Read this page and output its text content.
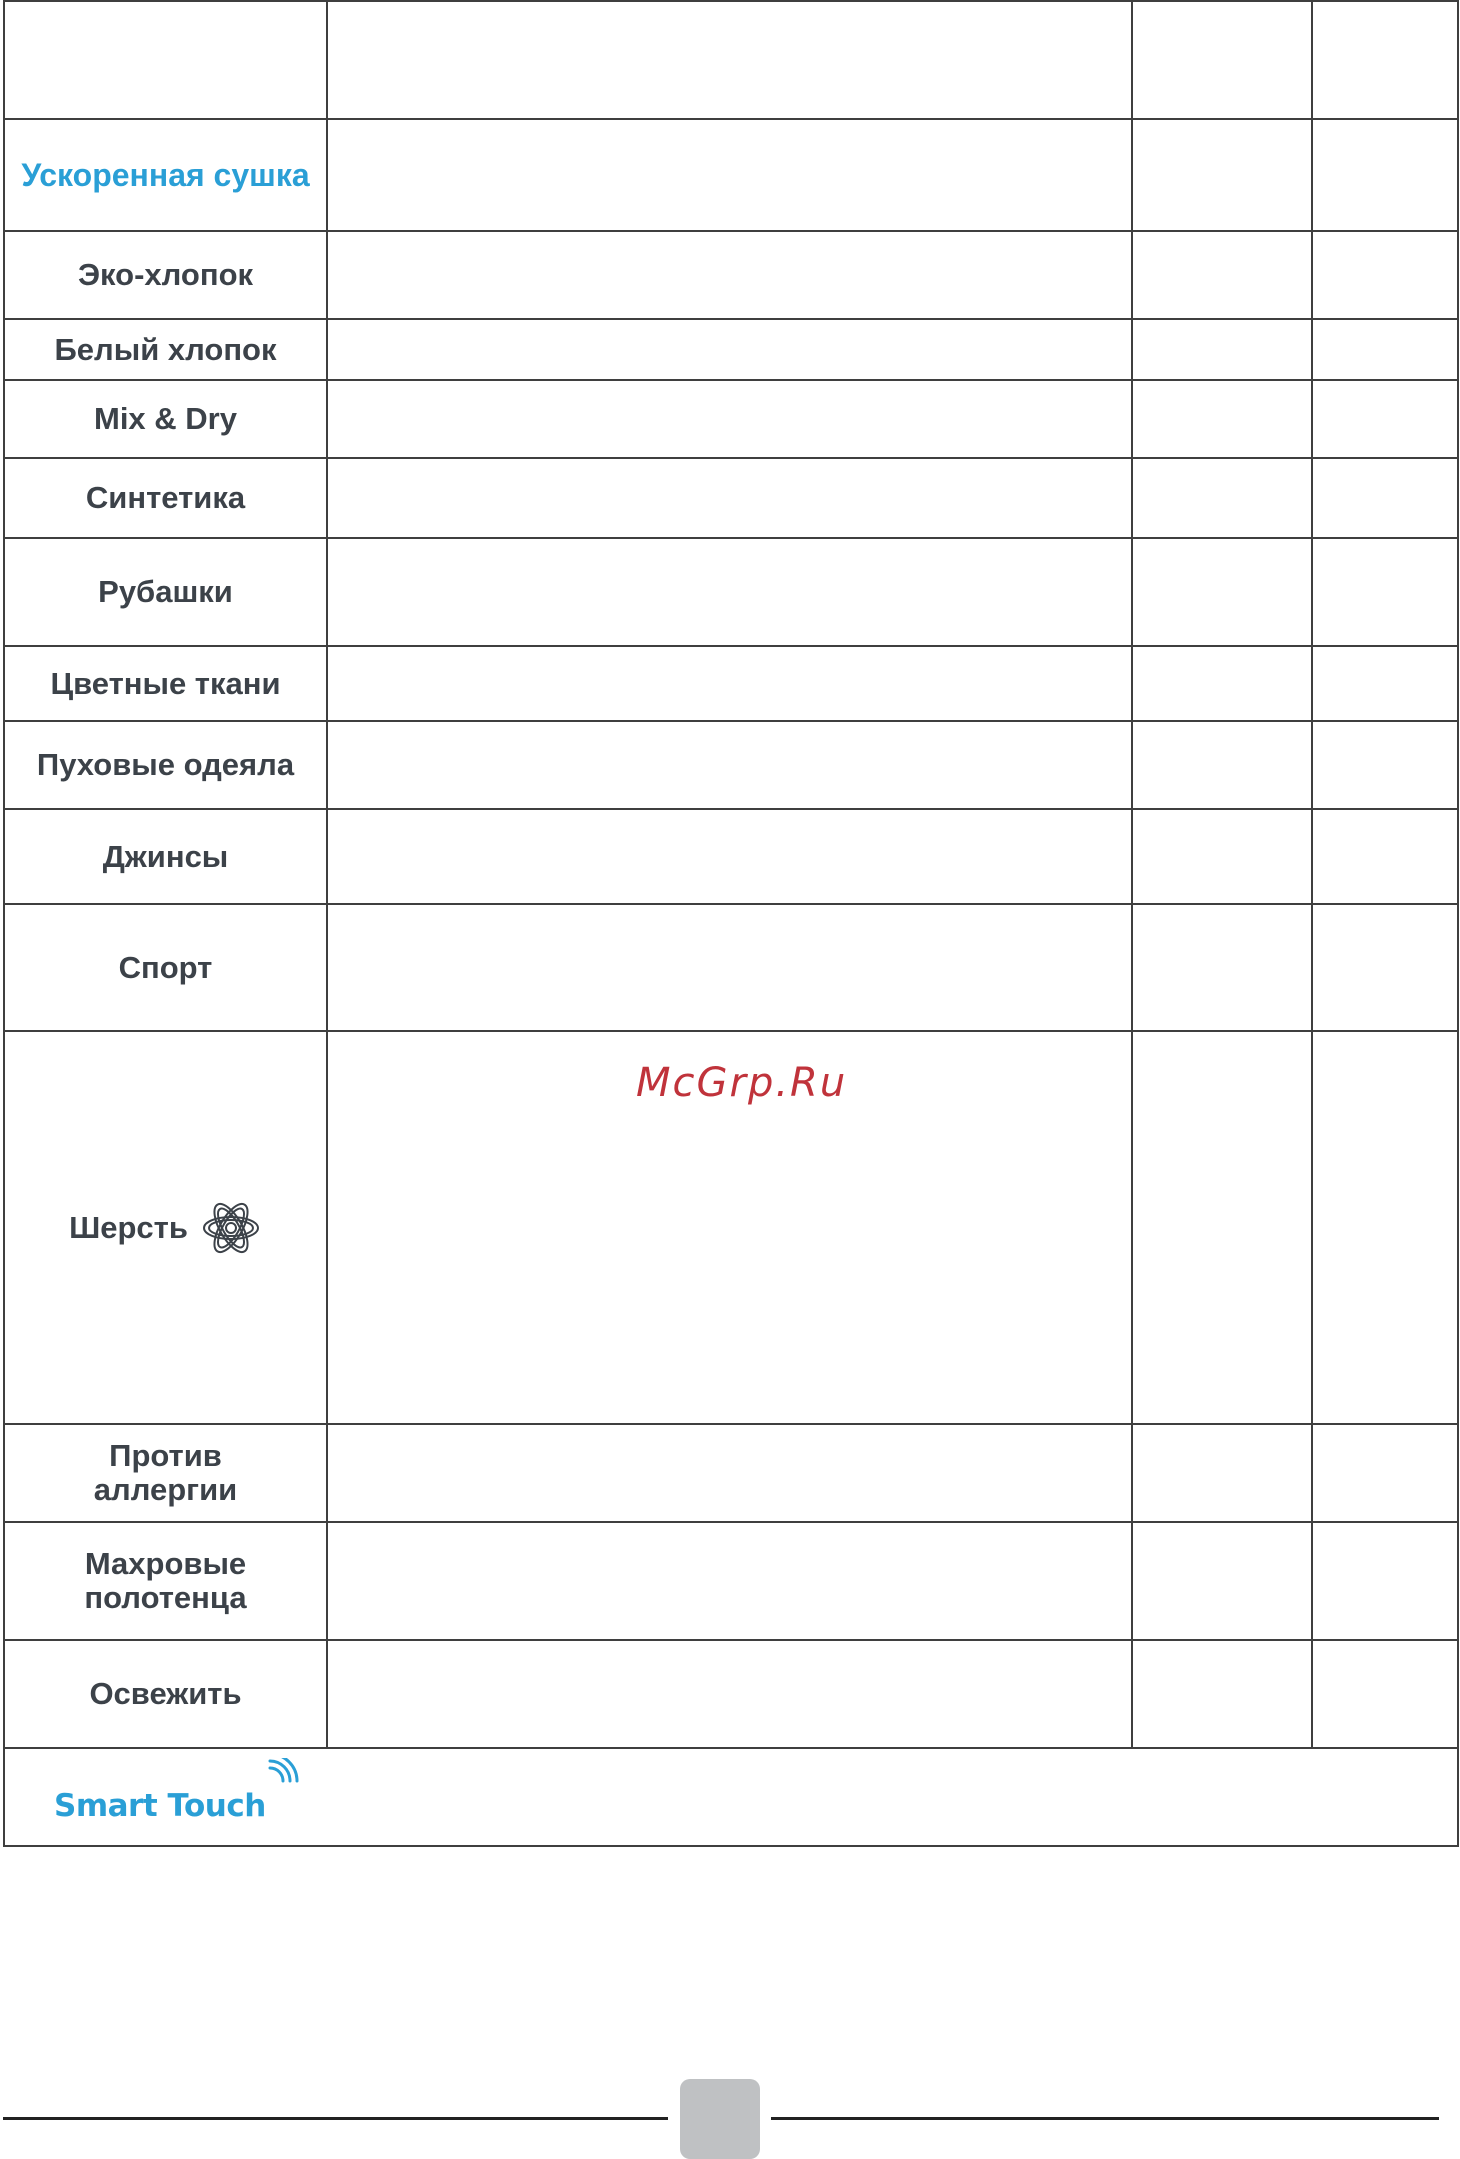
Ускоренная сушка			
Эко-хлопок			
Белый хлопок			
Mix & Dry			
Синтетика			
Рубашки			
Цветные ткани			
Пуховые одеяла			
Джинсы			
Спорт			

Шерсть			

Против
аллергии			

Махровые
полотенца			

Освежить			

Smart Touch
McGrp.Ru
